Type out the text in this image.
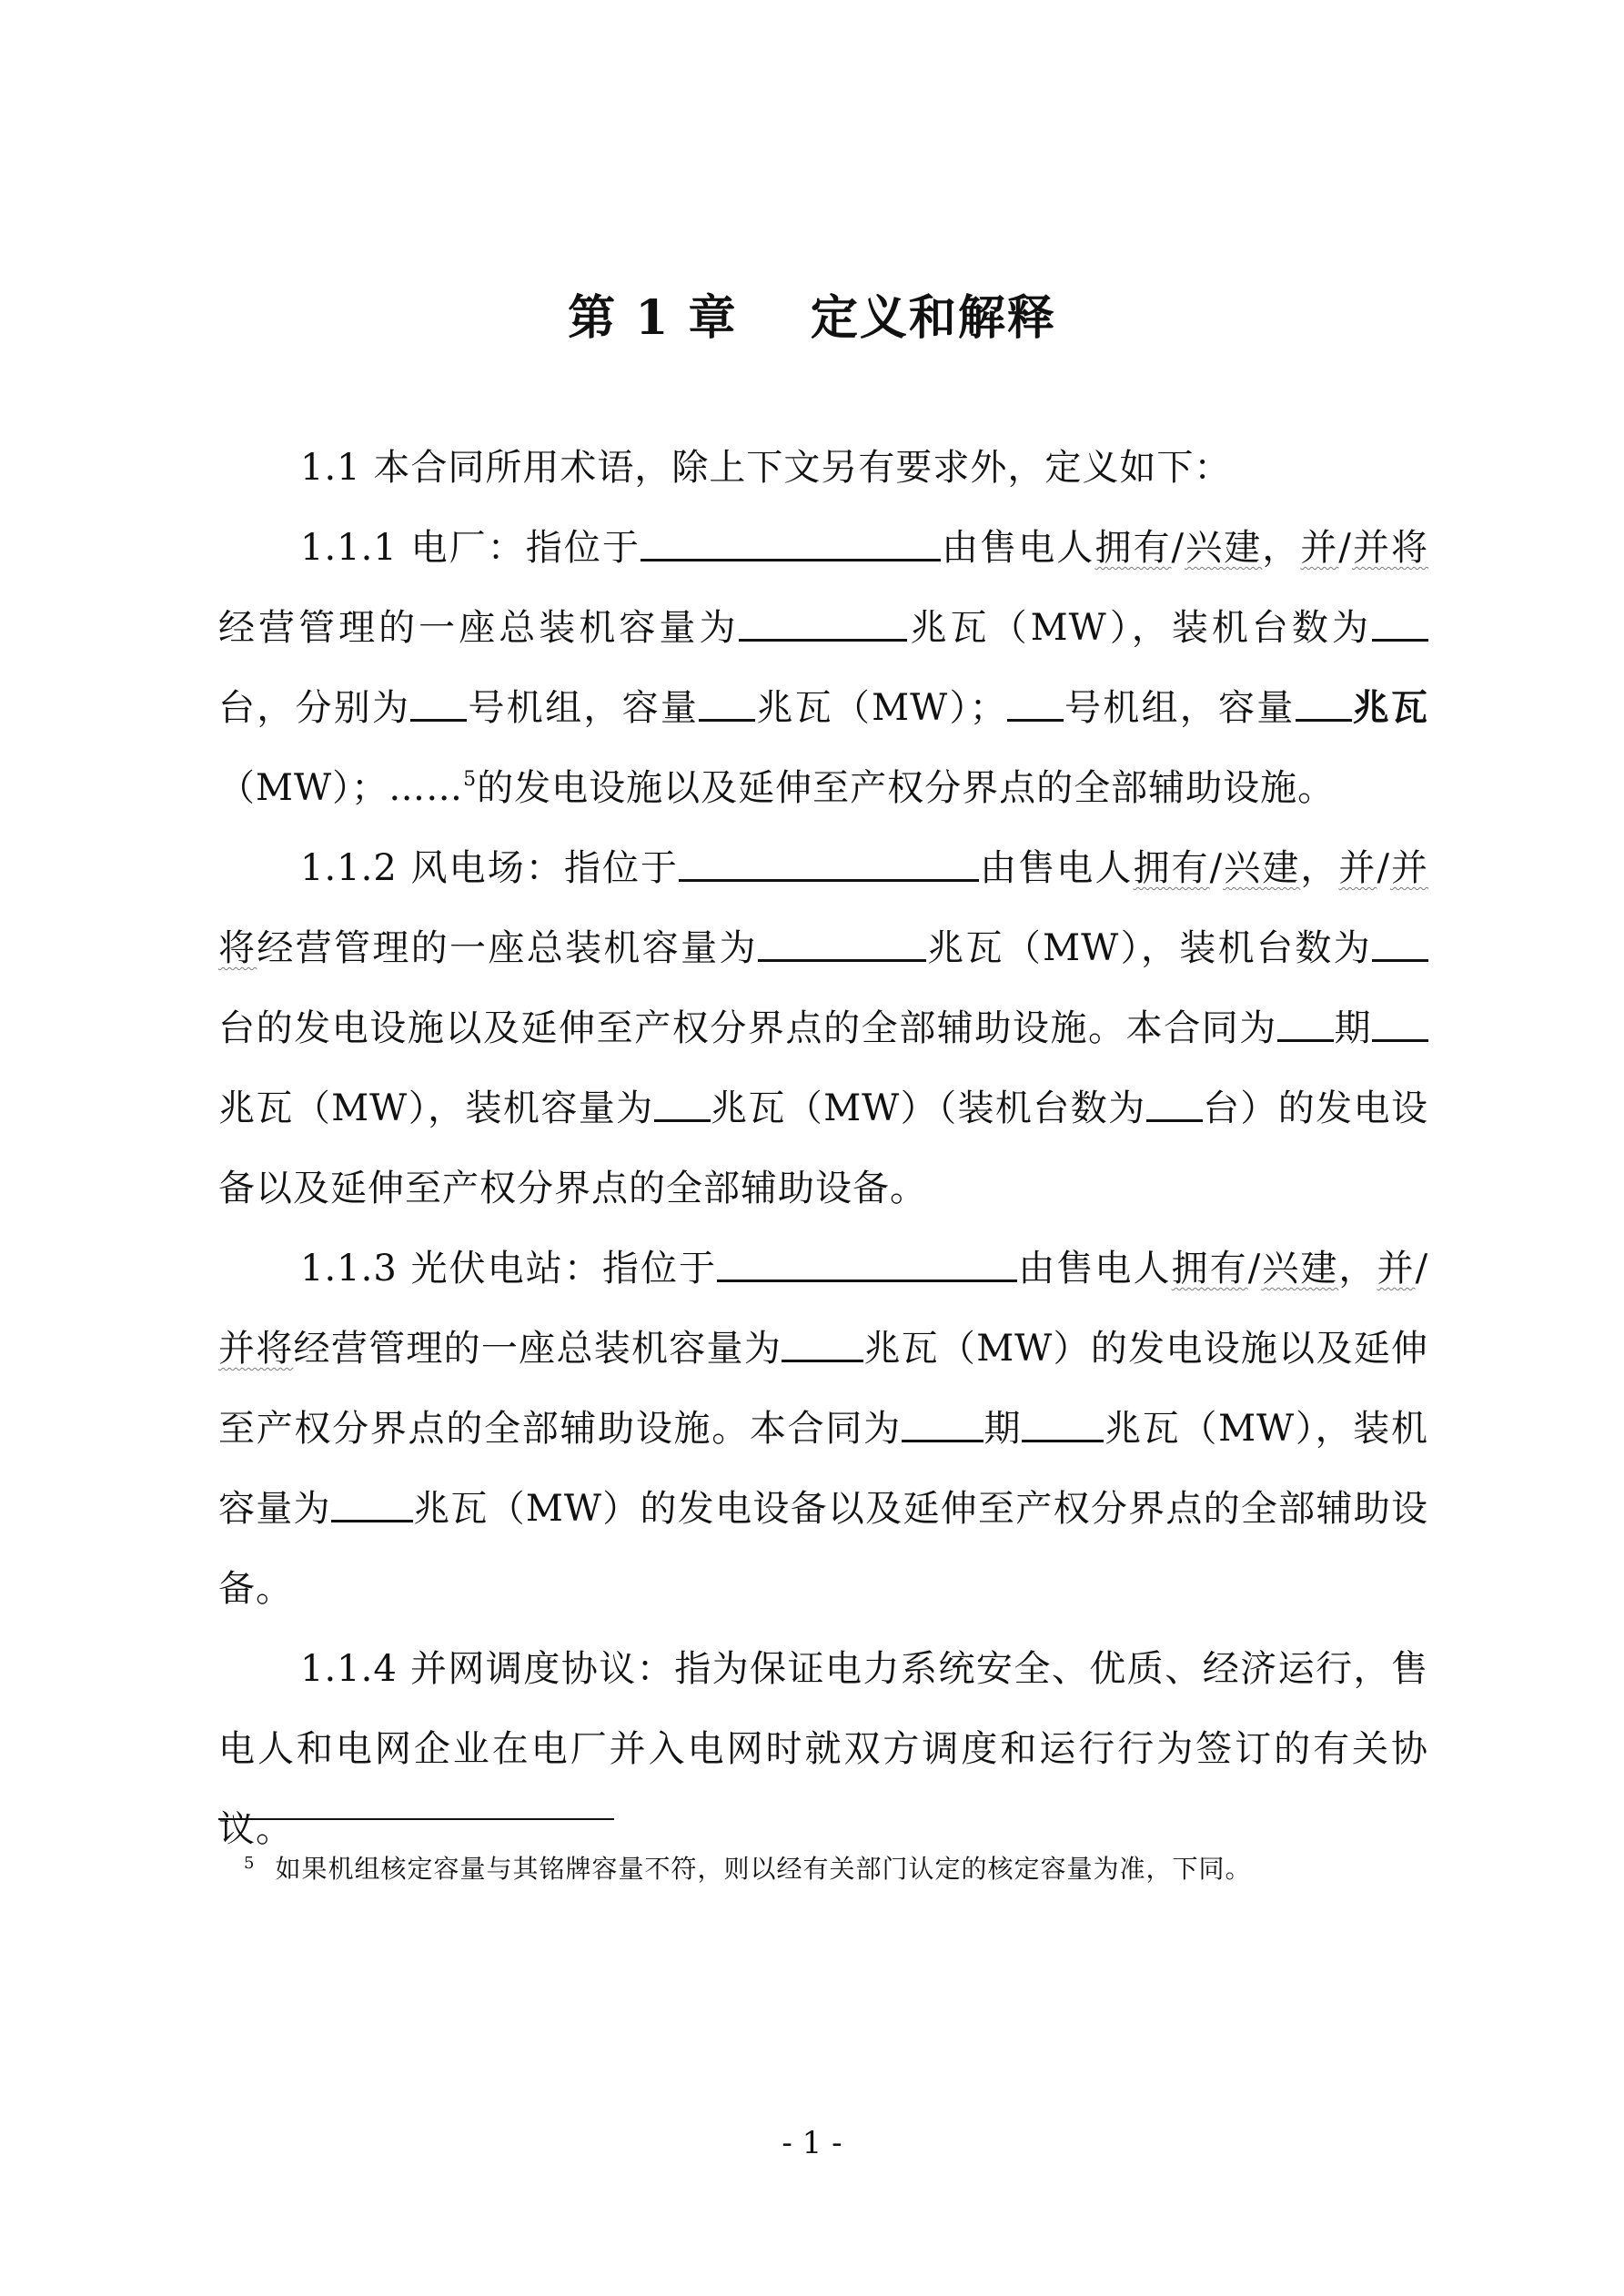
第 1 章    定义和解释

1.1 本合同所用术语，除上下文另有要求外，定义如下：

1.1.1 电厂：指位于	由售电人拥有/兴建，并/并将经营管理的一座总装机容量为	兆瓦（MW），装机台数为台，分别为 号机组，容量 兆瓦（MW）； 号机组，容量 兆瓦（MW）；……$^5$的发电设施以及延伸至产权分界点的全部辅助设施。

1.1.2 风电场：指位于	由售电人拥有/兴建，并/并将经营管理的一座总装机容量为	兆瓦（MW），装机台数为台的发电设施以及延伸至产权分界点的全部辅助设施。本合同为 期兆瓦（MW），装机容量为 兆瓦（MW）（装机台数为 台）的发电设备以及延伸至产权分界点的全部辅助设备。

1.1.3 光伏电站：指位于	由售电人拥有/兴建，并/并将经营管理的一座总装机容量为 兆瓦（MW）的发电设施以及延伸至产权分界点的全部辅助设施。本合同为 期 兆瓦（MW），装机容量为 兆瓦（MW）的发电设备以及延伸至产权分界点的全部辅助设备。

1.1.4 并网调度协议：指为保证电力系统安全、优质、经济运行，售电人和电网企业在电厂并入电网时就双方调度和运行行为签订的有关协议。

$^5$ 如果机组核定容量与其铭牌容量不符，则以经有关部门认定的核定容量为准，下同。
- 1 -
